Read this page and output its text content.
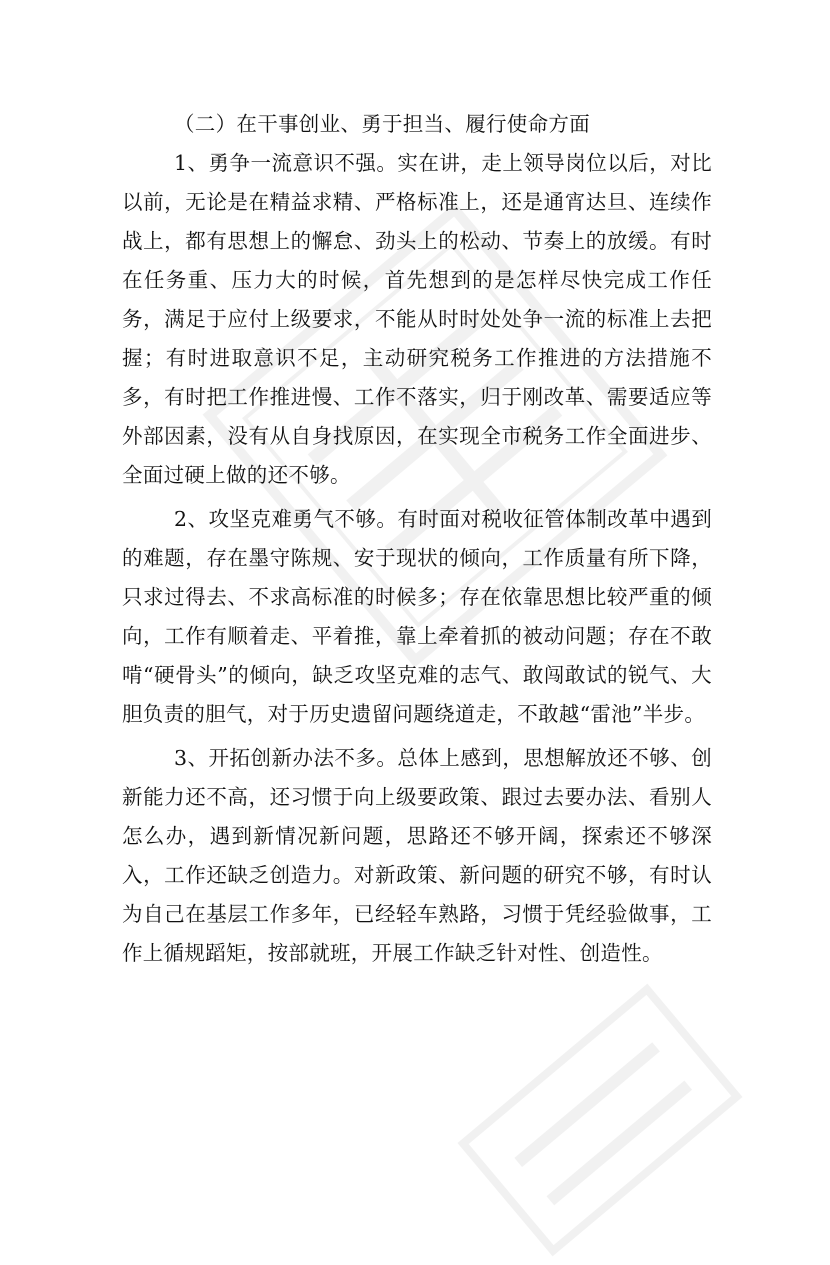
（二）在干事创业、勇于担当、履行使命方面

1、勇争一流意识不强。实在讲，走上领导岗位以后，对比以前，无论是在精益求精、严格标准上，还是通宵达旦、连续作战上，都有思想上的懈怠、劲头上的松动、节奏上的放缓。有时在任务重、压力大的时候，首先想到的是怎样尽快完成工作任务，满足于应付上级要求，不能从时时处处争一流的标准上去把握；有时进取意识不足，主动研究税务工作推进的方法措施不多，有时把工作推进慢、工作不落实，归于刚改革、需要适应等外部因素，没有从自身找原因，在实现全市税务工作全面进步、全面过硬上做的还不够。

2、攻坚克难勇气不够。有时面对税收征管体制改革中遇到的难题，存在墨守陈规、安于现状的倾向，工作质量有所下降，只求过得去、不求高标准的时候多；存在依靠思想比较严重的倾向，工作有顺着走、平着推，靠上牵着抓的被动问题；存在不敢啃“硬骨头”的倾向，缺乏攻坚克难的志气、敢闯敢试的锐气、大胆负责的胆气，对于历史遗留问题绕道走，不敢越“雷池”半步。

3、开拓创新办法不多。总体上感到，思想解放还不够、创新能力还不高，还习惯于向上级要政策、跟过去要办法、看别人怎么办，遇到新情况新问题，思路还不够开阔，探索还不够深入，工作还缺乏创造力。对新政策、新问题的研究不够，有时认为自己在基层工作多年，已经轻车熟路，习惯于凭经验做事，工作上循规蹈矩，按部就班，开展工作缺乏针对性、创造性。
